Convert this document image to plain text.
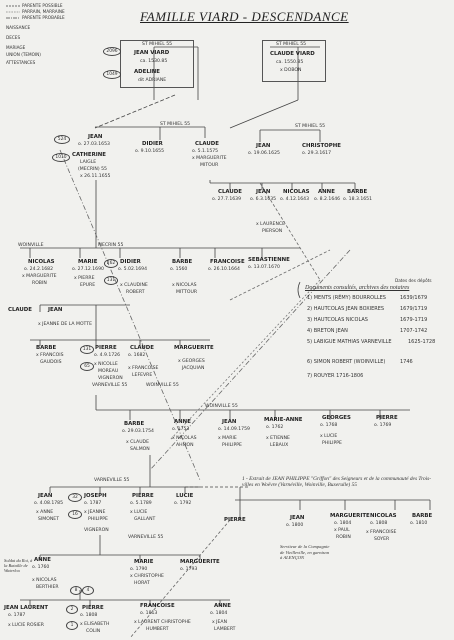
PARENTE POSSIBLE
PARRAIN, MARRAINE
PARENTE PROBABLE
NAISSANCE
DECES
MARIAGE
UNION (TEMOIN)
ATTESTANCES
FAMILLE VIARD - DESCENDANCE
ST MIHIEL 55
2096
1049
JEAN VIARD
ca. 1530.85
ADELINE
dit ADRIANE
ST MIHIEL 55
CLAUDE VIARD
ca. 1550.85
x DOBON
ST MIHIEL 55	ST MIHIEL 55
524
1010
JEAN
o. 27.03.1653
CATHERINE
LAIGLE
(MECRIN) 55
x 26.11.1655
DIDIER
o. 9.10.1655
CLAUDE
o. 5.1.1575
x MARGUERITE
MITOUR
JEAN
o. 19.06.1625
CHRISTOPHE
o. 29.3.1617
CLAUDE
o. 27.7.1639
JEAN
o. 6.3.1635
x LAURENCE
PIERSON
NICOLAS
o. 4.12.1643
ANNE
o. 8.2.1646
BARBE
o. 18.3.1651
WOINVILLE	MECRIN 55
NICOLAS
o. 24.2.1682
x MARGUERITE
ROBIN
MARIE
o. 27.12.1690
x PIERRE
EPURE
262
131
DIDIER
o. 5.02.1694
x CLAUDINE
ROBERT
BARBE
o. 1560
x NICOLAS
MITTOUR
FRANCOISE
o. 26.10.1664
SEBASTIENNE
o. 13.07.1670
Dates des dépôts
Documents consultés, archives des notaires
1) MENTS (RÉMY) BOURROLLES	1639/1679
2) HAUTCOLAS JEAN BOXIERES	1679/1719
3) HAUTCOLAS NICOLAS	1679-1719
4) BRETON JEAN	1707-1742
5) LABIGUE MATHIAS VARNEVILLE	1625-1728
6) SIMON ROBERT (WOINVILLE)	1746
7) ROUYER 1716-1806
CLAUDE	JEAN
x JEANNE DE LA MOTTE
BARBE
x FRANCOIS
GAUDOIS
131
65
PIERRE
o. 4.9.1726
x NICOLLE
MOREAU
VIGNERON
VARNEVILLE 55
CLAUDE
o. 1682
x FRANCOISE
LEFEVRE
WOINVILLE 55
MARGUERITE
x GEORGES
JACQUIAN
WOINVILLE 55
BARBE
o. 29.03.1754
x CLAUDE
SALMON
ANNE
o. 1753
x NICOLAS
AHMON
JEAN
o. 14.09.1759
x MARIE
PHILIPPE
MARIE-ANNE
o. 1762
x ETIENNE
LEBAUX
GEORGES
o. 1768
x LUCIE
PHILIPPE
PIERRE
o. 1769
VARNEVILLE 55
JEAN
o. 4.08.1785
x ANNE
SIMONET
32
16
JOSEPH
o. 1787
x JEANNE
PHILIPPE
VIGNERON
PIERRE
o. 5.1789
x LUCIE
GALLANT
VARNEVILLE 55
LUCIE
o. 1792
PIERRE
1 - Extrait de JEAN PHILIPPE "Griffon" des Seigneurs et de la communauté des Trois-villes en Woëvre (Varnéville, Woinville, Buxerulle) 55
JEAN
o. 1800
Serviteur de la Compagnie de Vieilleville, en garnison à ALENÇON
MARGUERITE
o. 1804
x PAUL
ROBIN
NICOLAS
o. 1808
x FRANCOISE
SOYER
BARBE
o. 1810
Soldat du Roi, à la Bataille de Waterloo
ANNE
o. 1760
x NICOLAS
BERTHIER
8	4
MARIE
o. 1790
x CHRISTOPHE
HORAT
MARGUERITE
o. 1793
JEAN LAURENT
o. 1787
x LUCIE ROSIER
2
1
PIERRE
o. 1808
x ELISABETH
COLIN
FRANCOISE
o. 1813
x LAURENT CHRISTOPHE
HUMBERT
ANNE
o. 1804
x JEAN
LAMBERT
